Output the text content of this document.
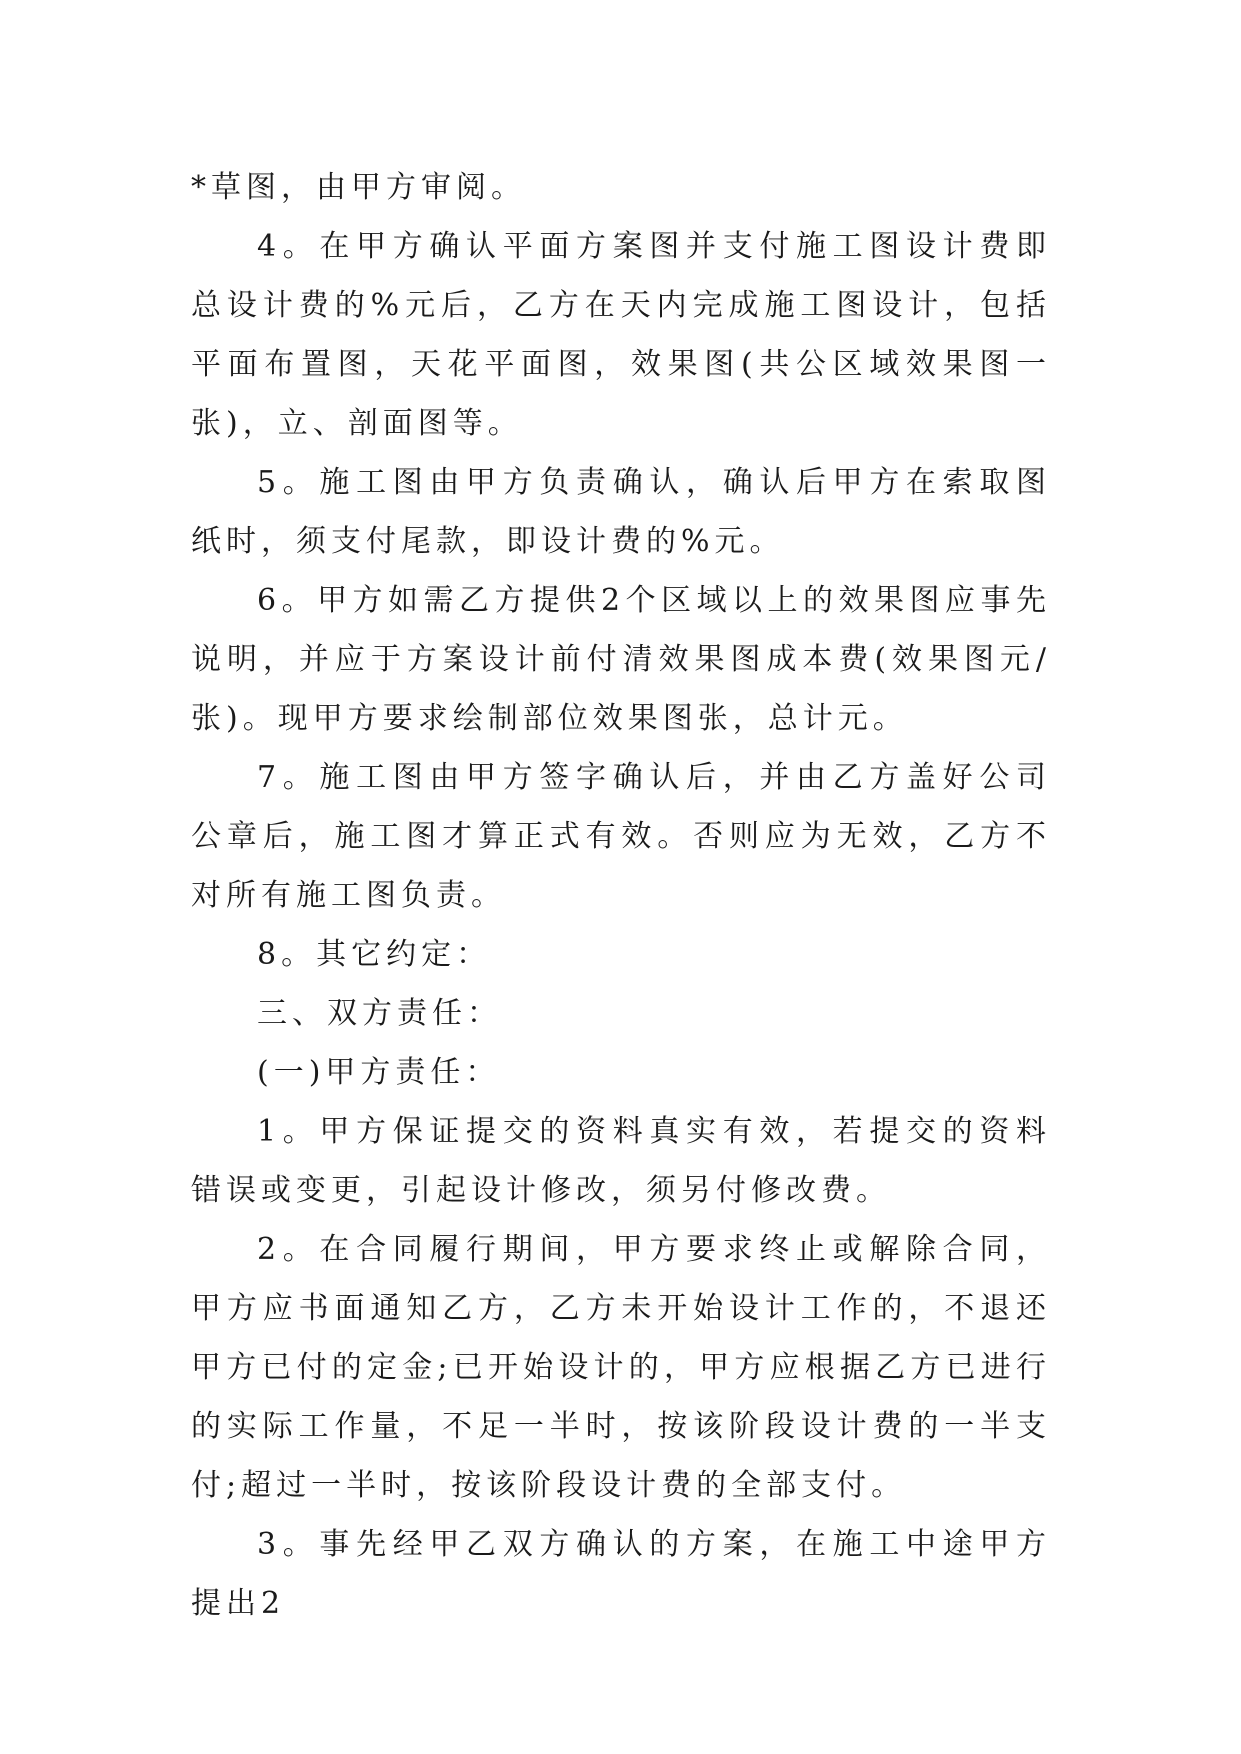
*草图，由甲方审阅。

4。在甲方确认平面方案图并支付施工图设计费即总设计费的%元后，乙方在天内完成施工图设计，包括平面布置图，天花平面图，效果图(共公区域效果图一张)，立、剖面图等。

5。施工图由甲方负责确认，确认后甲方在索取图纸时，须支付尾款，即设计费的%元。

6。甲方如需乙方提供2个区域以上的效果图应事先说明，并应于方案设计前付清效果图成本费(效果图元/张)。现甲方要求绘制部位效果图张，总计元。

7。施工图由甲方签字确认后，并由乙方盖好公司公章后，施工图才算正式有效。否则应为无效，乙方不对所有施工图负责。

8。其它约定：

三、双方责任：

(一)甲方责任：

1。甲方保证提交的资料真实有效，若提交的资料错误或变更，引起设计修改，须另付修改费。

2。在合同履行期间，甲方要求终止或解除合同，甲方应书面通知乙方，乙方未开始设计工作的，不退还甲方已付的定金;已开始设计的，甲方应根据乙方已进行的实际工作量，不足一半时，按该阶段设计费的一半支付;超过一半时，按该阶段设计费的全部支付。

3。事先经甲乙双方确认的方案，在施工中途甲方提出2
